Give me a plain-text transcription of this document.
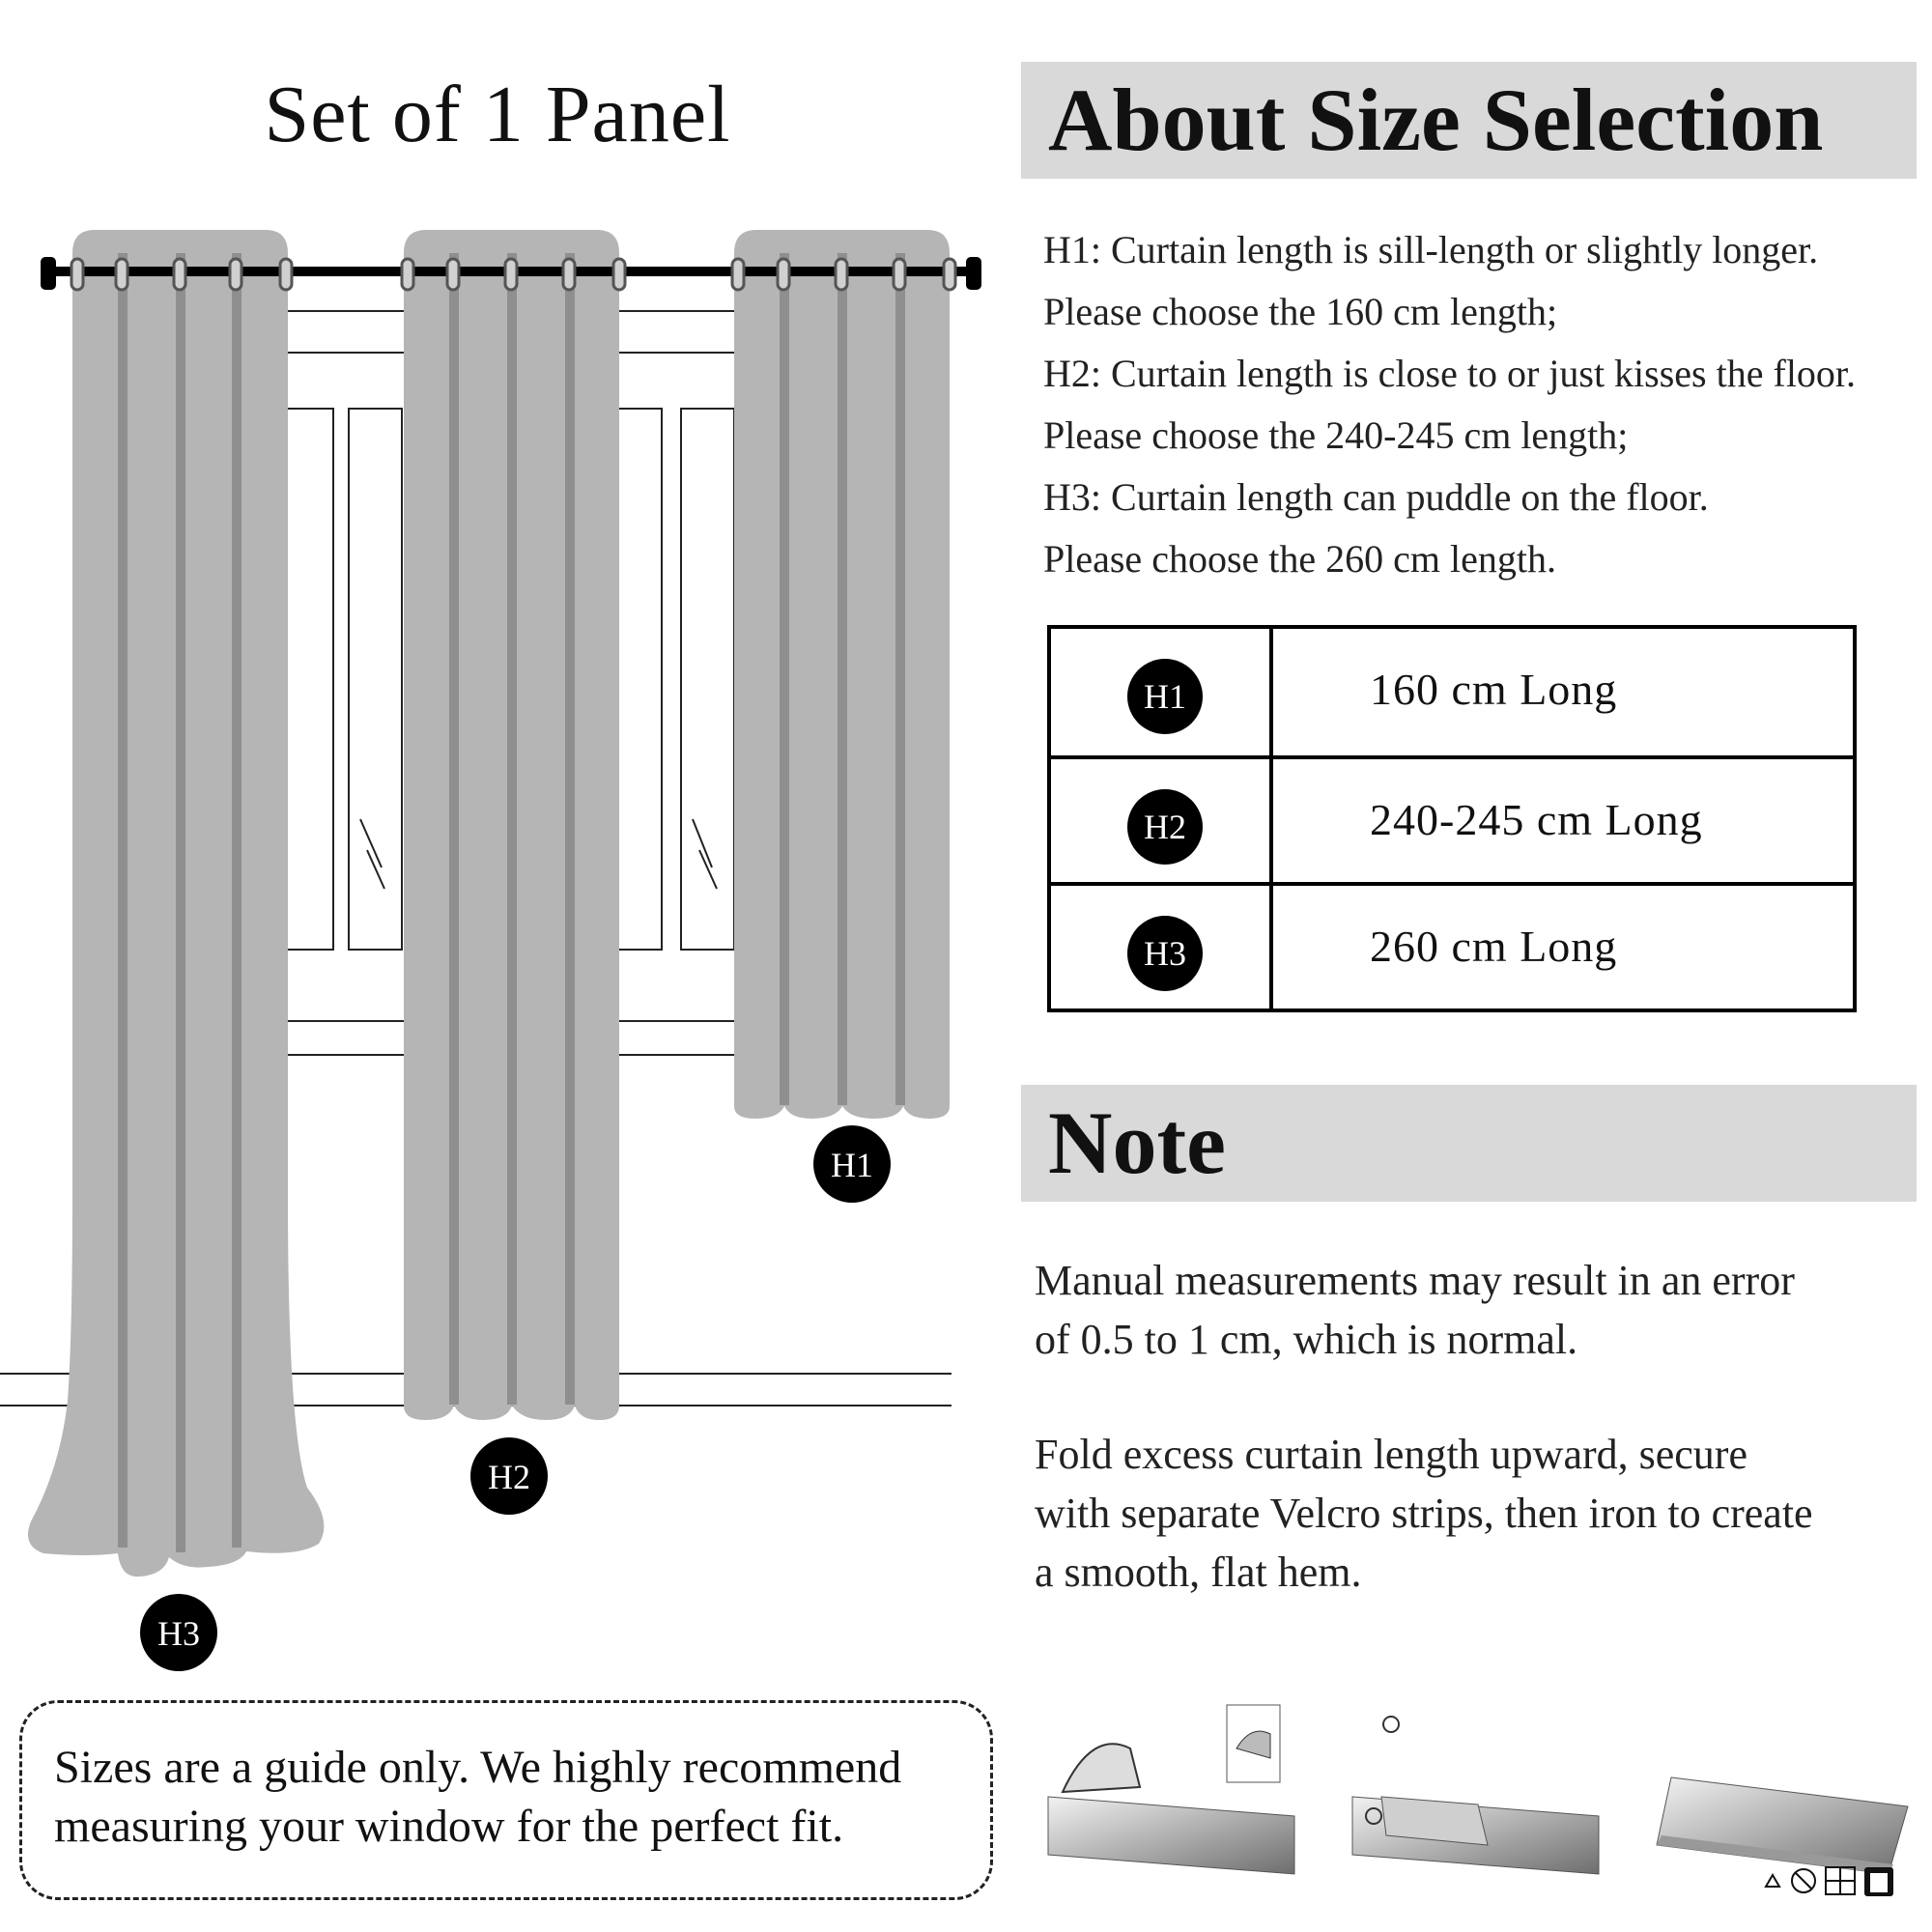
Set of 1 Panel
H1
H2
H3
About Size Selection
H1: Curtain length is sill-length or slightly longer.
Please choose the 160 cm length;
H2: Curtain length is close to or just kisses the floor.
Please choose the 240-245 cm length;
H3: Curtain length can puddle on the floor.
Please choose the 260 cm length.
H1	160 cm Long
H2	240-245 cm Long
H3	260 cm Long
Note
Manual measurements may result in an error
of 0.5 to 1 cm, which is normal.
Fold excess curtain length upward, secure
with separate Velcro strips, then iron to create
a smooth, flat hem.
Sizes are a guide only. We highly recommend
measuring your window for the perfect fit.
